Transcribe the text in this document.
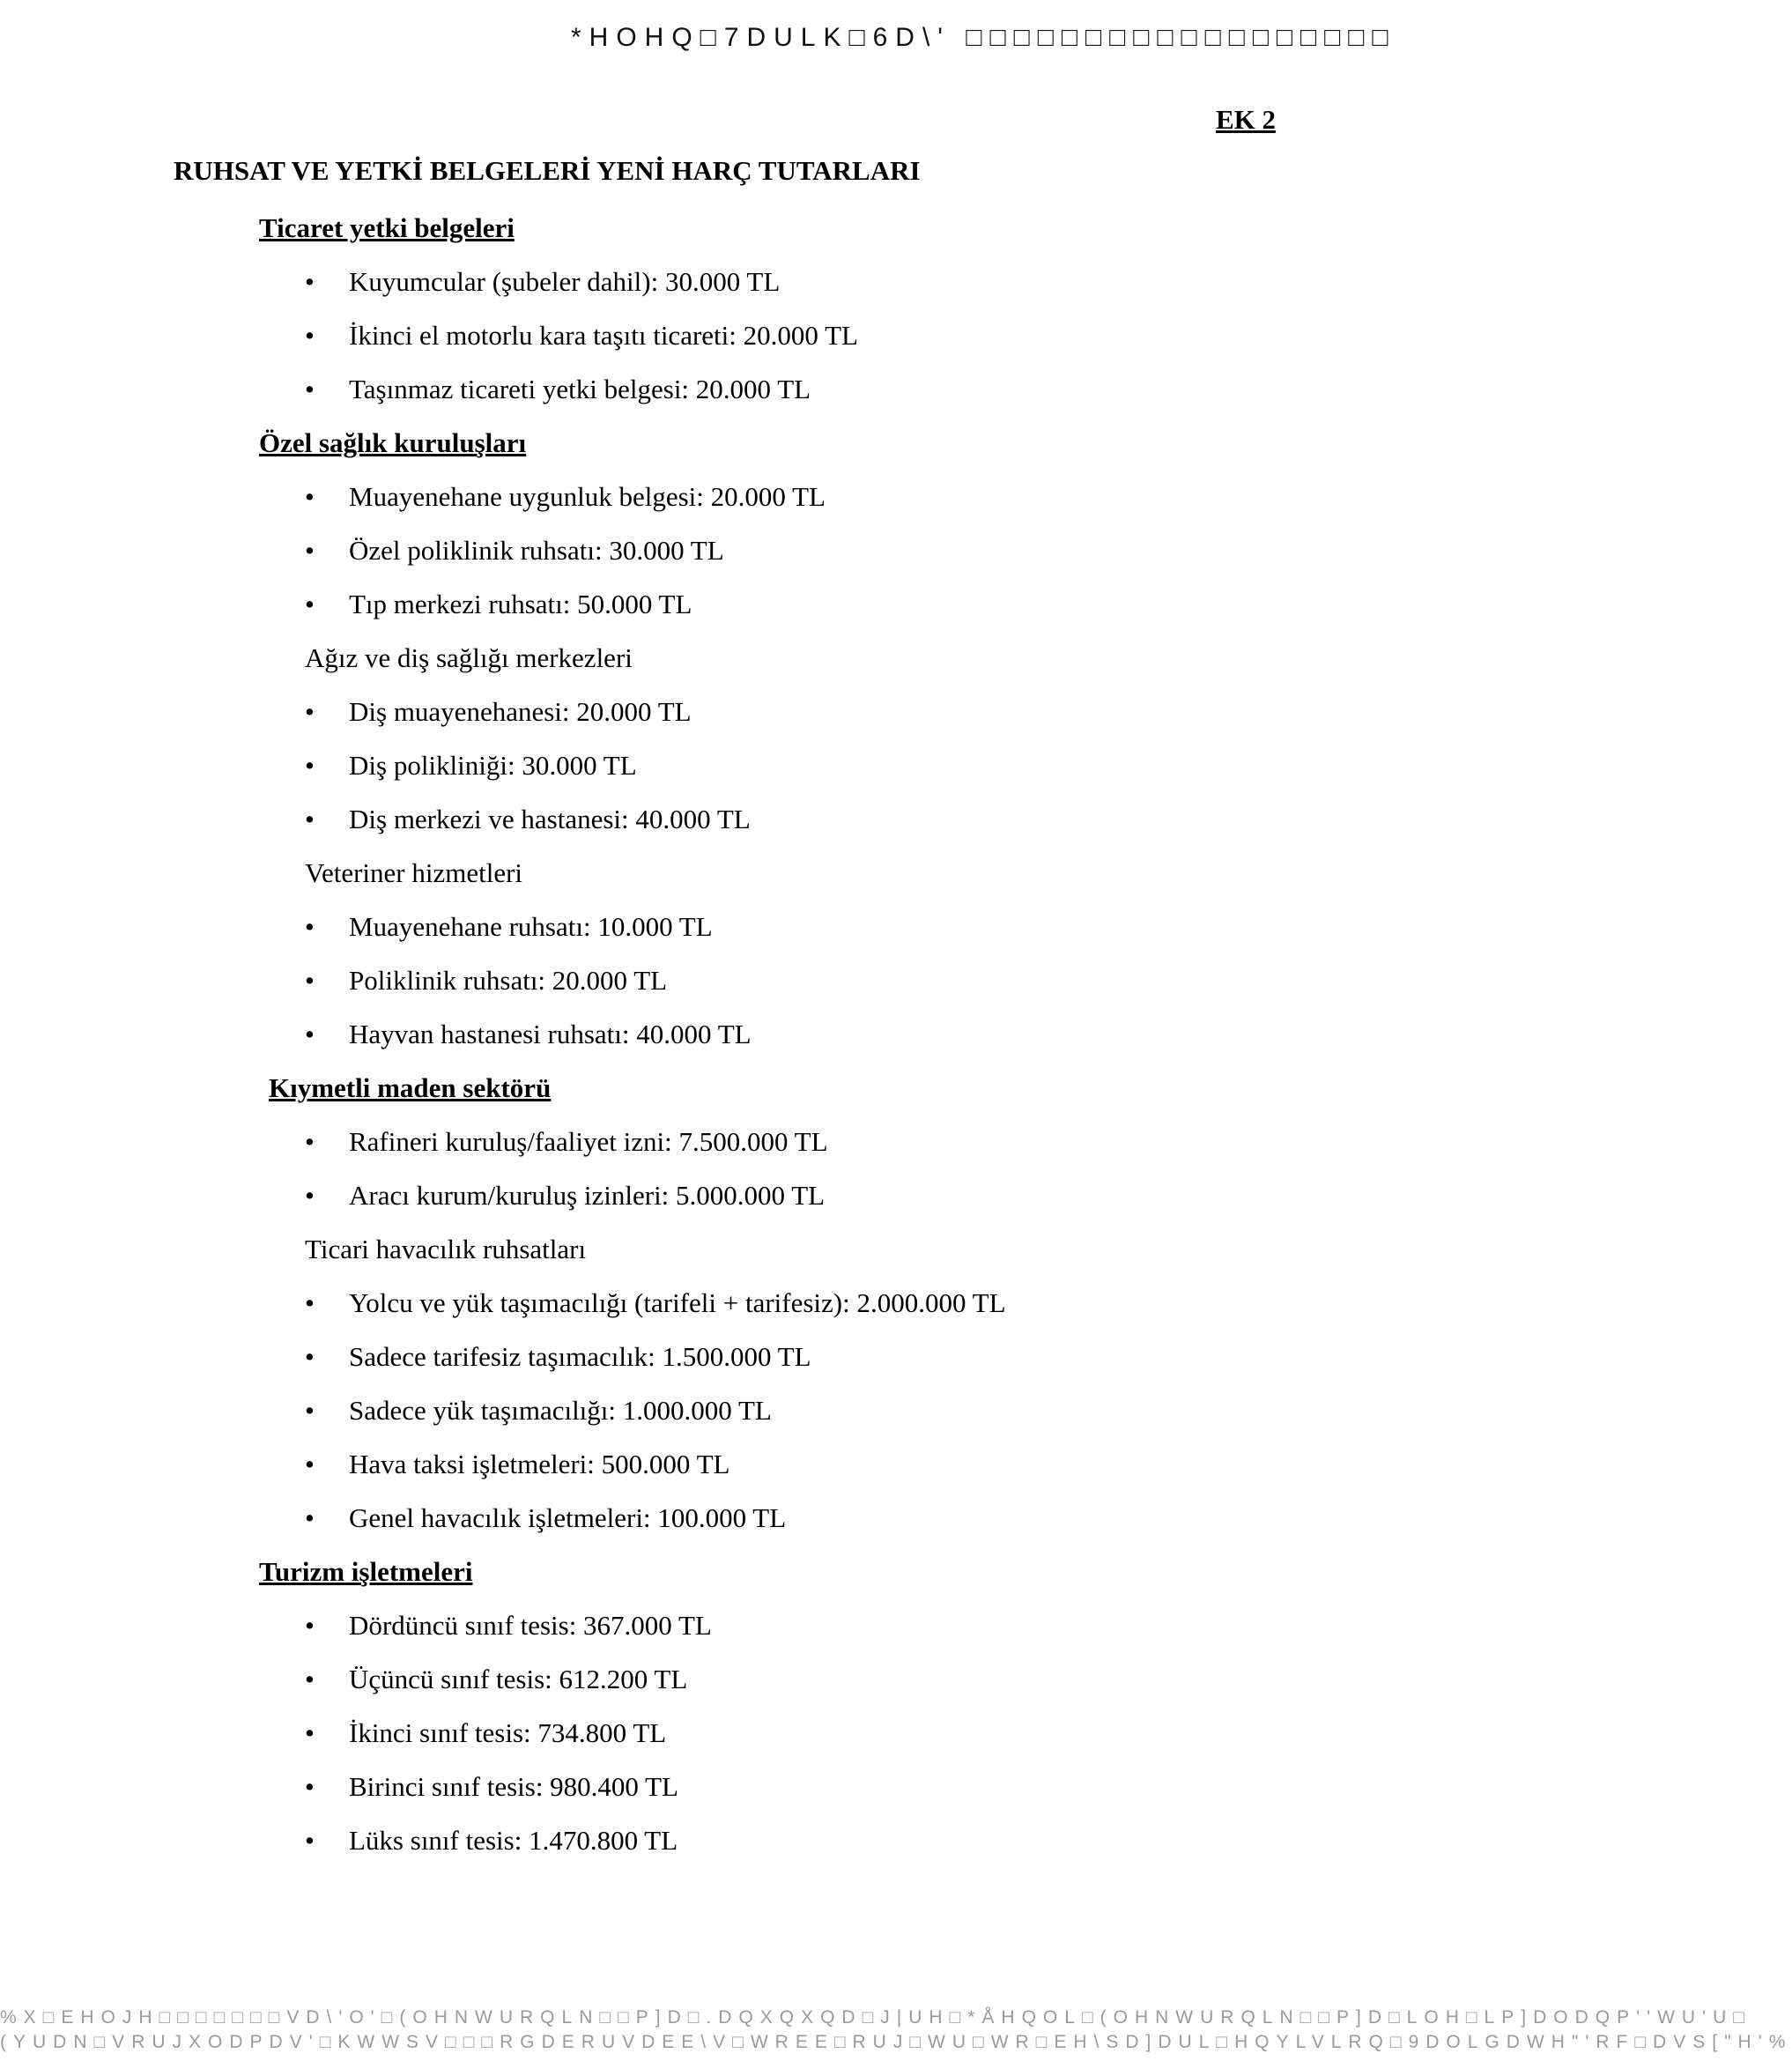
*HOHQ□7DULK□6D\' □□□□□□□□□□□□□□□□□□
EK 2
RUHSAT VE YETKİ BELGELERİ YENİ HARÇ TUTARLARI
Ticaret yetki belgeleri
• Kuyumcular (şubeler dahil): 30.000 TL
• İkinci el motorlu kara taşıtı ticareti: 20.000 TL
• Taşınmaz ticareti yetki belgesi: 20.000 TL
Özel sağlık kuruluşları
• Muayenehane uygunluk belgesi: 20.000 TL
• Özel poliklinik ruhsatı: 30.000 TL
• Tıp merkezi ruhsatı: 50.000 TL
Ağız ve diş sağlığı merkezleri
• Diş muayenehanesi: 20.000 TL
• Diş polikliniği: 30.000 TL
• Diş merkezi ve hastanesi: 40.000 TL
Veteriner hizmetleri
• Muayenehane ruhsatı: 10.000 TL
• Poliklinik ruhsatı: 20.000 TL
• Hayvan hastanesi ruhsatı: 40.000 TL
Kıymetli maden sektörü
• Rafineri kuruluş/faaliyet izni: 7.500.000 TL
• Aracı kurum/kuruluş izinleri: 5.000.000 TL
Ticari havacılık ruhsatları
• Yolcu ve yük taşımacılığı (tarifeli + tarifesiz): 2.000.000 TL
• Sadece tarifesiz taşımacılık: 1.500.000 TL
• Sadece yük taşımacılığı: 1.000.000 TL
• Hava taksi işletmeleri: 500.000 TL
• Genel havacılık işletmeleri: 100.000 TL
Turizm işletmeleri
• Dördüncü sınıf tesis: 367.000 TL
• Üçüncü sınıf tesis: 612.200 TL
• İkinci sınıf tesis: 734.800 TL
• Birinci sınıf tesis: 980.400 TL
• Lüks sınıf tesis: 1.470.800 TL
%X□EHOJH□□□□□□□VD\'O'□(OHNWURQLN□□P]D□.DQXQXQD□J|UH□*ÅHQOL□(OHNWURQLN□□P]D□LOH□LP]DODQP''WU'U□
(YUDN□VRUJXODPDV'□KWWSV□□□RGDERUVDEE\V□WREE□RUJ□WU□WR□EH\SD]DUL□HQYLVLRQ□9DOLGDWH"'RF□DVS["H'%
